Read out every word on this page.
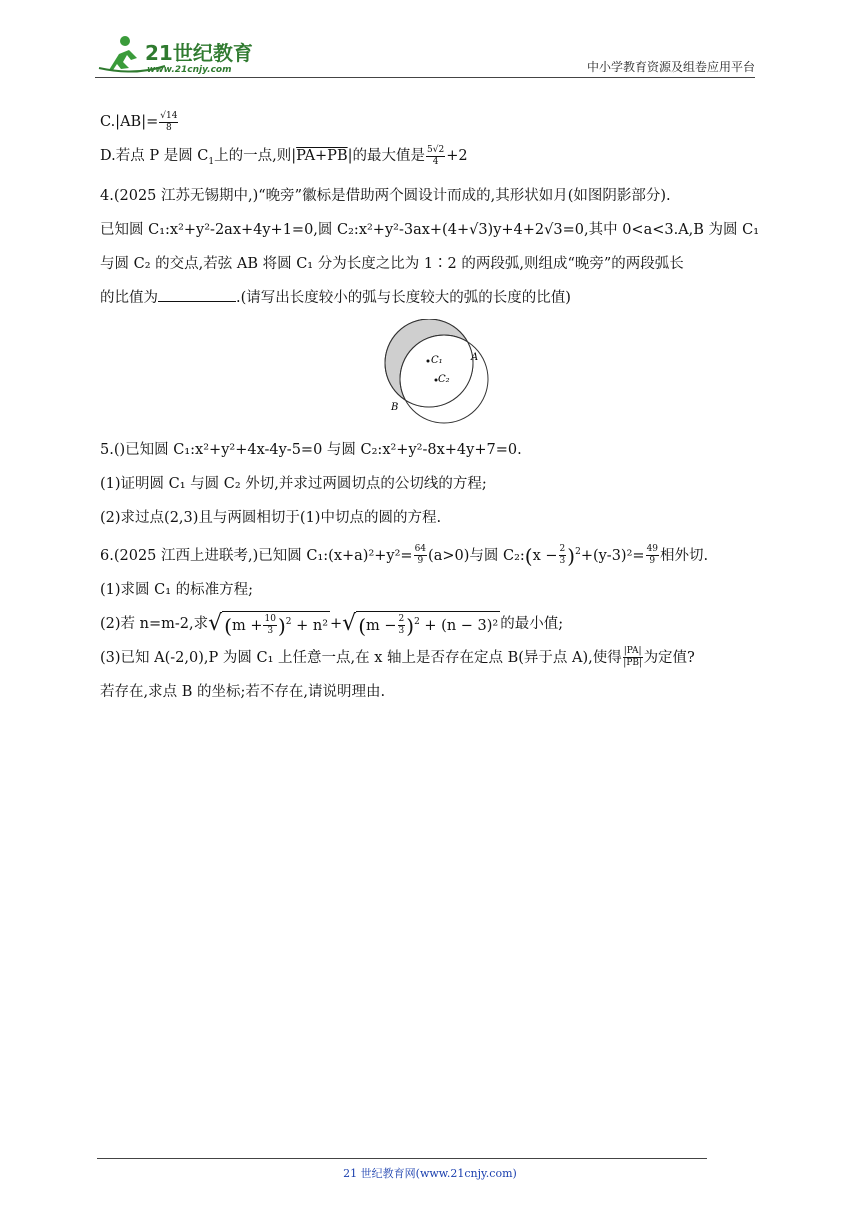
21世纪教育
www.21cnjy.com	中小学教育资源及组卷应用平台
$C.|AB|= \frac{√14}{8}$
D.若点 P 是圆 $C_1$上的一点,则|PA+PB|的最大值是 $\frac{5√2}{4} +2$
4.(2025 江苏无锡期中,)“晚旁”徽标是借助两个圆设计而成的,其形状如月(如图阴影部分).
已知圆 C₁:x²+y²-2ax+4y+1=0,圆 C₂:x²+y²-3ax+(4+√3)y+4+2√3=0,其中 0<a<3.A,B 为圆 C₁
与圆 C₂ 的交点,若弦 AB 将圆 C₁ 分为长度之比为 1∶2 的两段弧,则组成“晚旁”的两段弧长
的比值为	.(请写出长度较小的弧与长度较大的弧的长度的比值)
C₁
C₂
A
B
5.()已知圆 C₁:x²+y²+4x-4y-5=0 与圆 C₂:x²+y²-8x+4y+7=0.
(1)证明圆 C₁ 与圆 C₂ 外切,并求过两圆切点的公切线的方程;
(2)求过点(2,3)且与两圆相切于(1)中切点的圆的方程.
6.(2025 江西上进联考,)已知圆 C₁:(x+a)²+y²= $\frac{64}{9} (a>0)$与圆 C₂:(x − $\frac{2}{3} )^2+(y-3)^2= \frac{49}{9}$ 相外切.
(1)求圆 C₁ 的标准方程;
(2)若 n=m-2,求√ $(m + \frac{10}{3} )^2 + n^2$ +√ $(m - \frac{2}{3} )^2 + (n - 3)^2$ 的最小值;
(3)已知 A(-2,0),P 为圆 C₁ 上任意一点,在 x 轴上是否存在定点 B(异于点 A),使得 $\frac{|PA|}{|PB|}$ 为定值?
若存在,求点 B 的坐标;若不存在,请说明理由.
21 世纪教育网(www.21cnjy.com)
